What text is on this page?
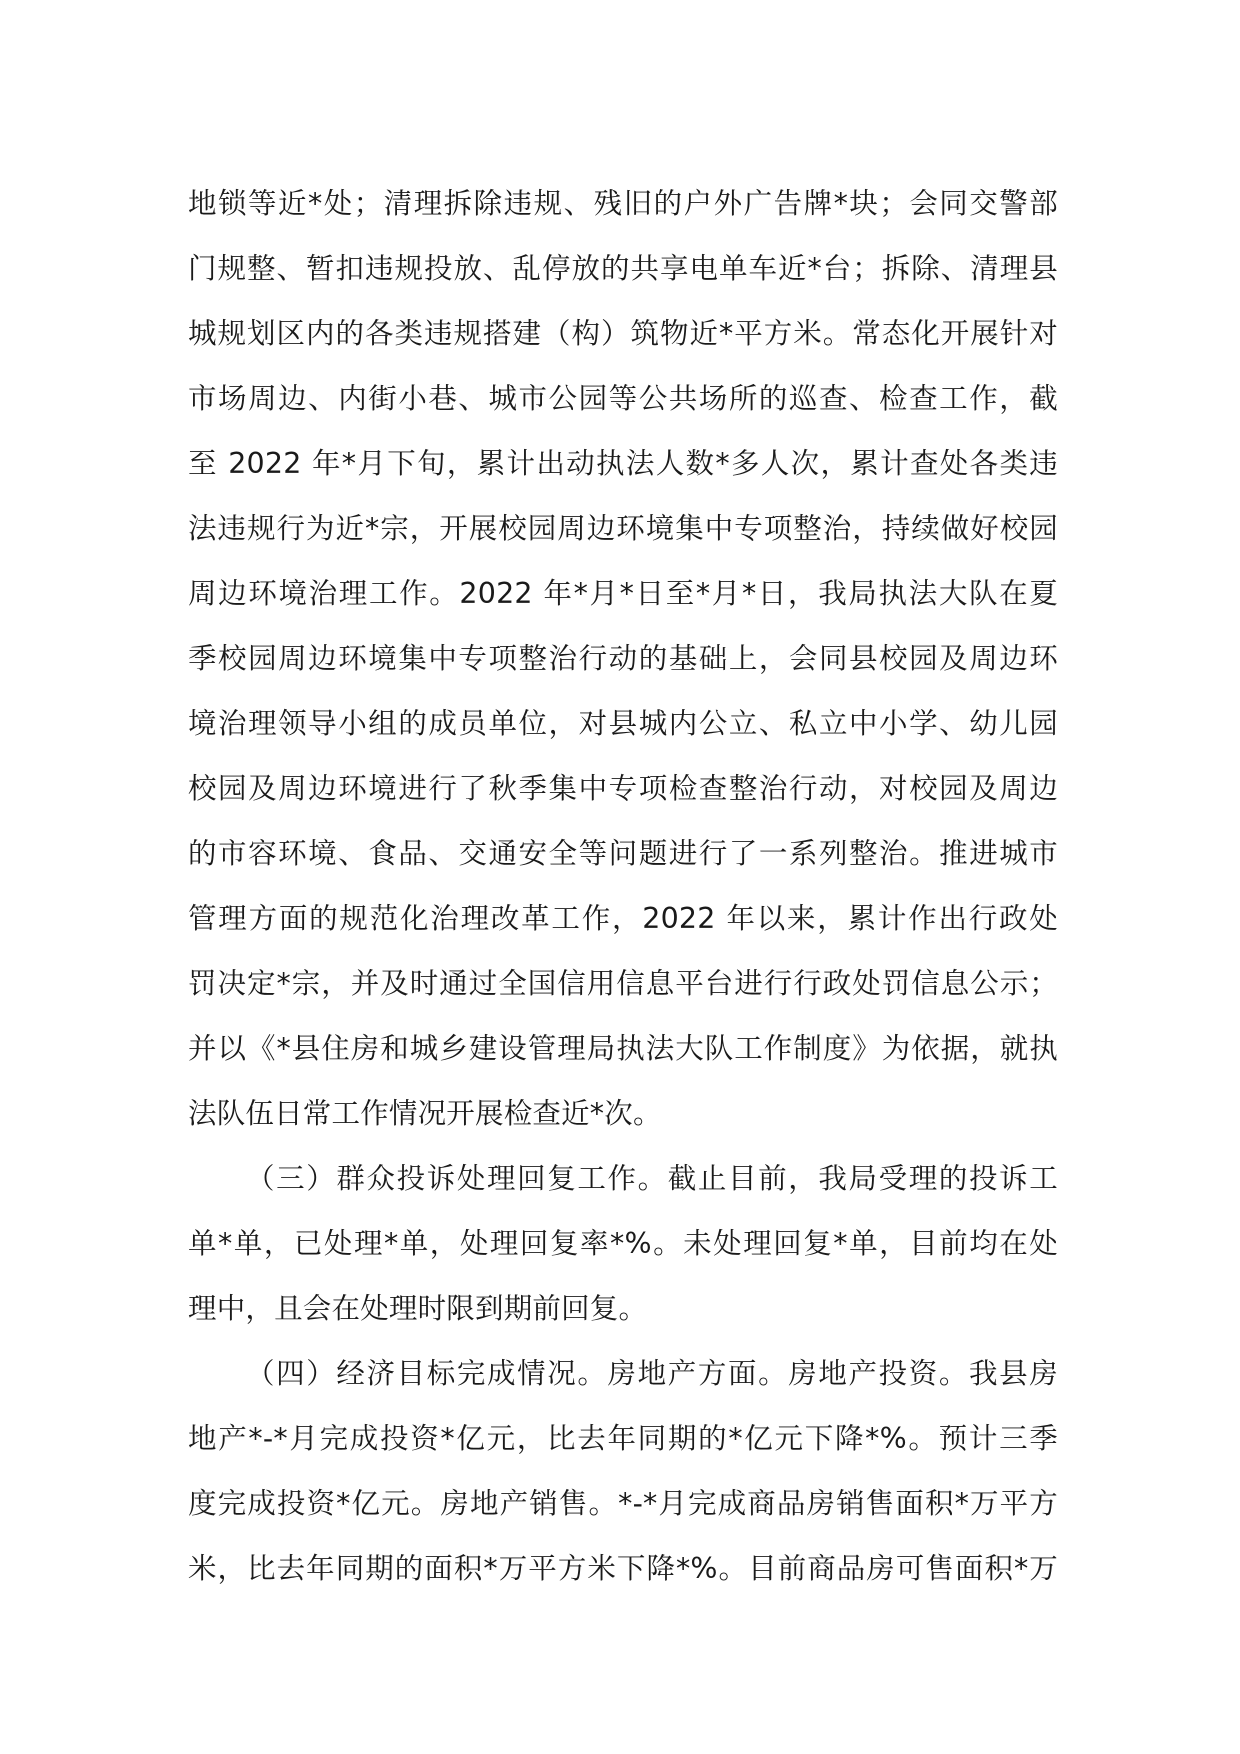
地锁等近*处；清理拆除违规、残旧的户外广告牌*块；会同交警部
门规整、暂扣违规投放、乱停放的共享电单车近*台；拆除、清理县
城规划区内的各类违规搭建（构）筑物近*平方米。常态化开展针对
市场周边、内街小巷、城市公园等公共场所的巡查、检查工作，截
至 2022 年*月下旬，累计出动执法人数*多人次，累计查处各类违
法违规行为近*宗，开展校园周边环境集中专项整治，持续做好校园
周边环境治理工作。2022 年*月*日至*月*日，我局执法大队在夏
季校园周边环境集中专项整治行动的基础上，会同县校园及周边环
境治理领导小组的成员单位，对县城内公立、私立中小学、幼儿园
校园及周边环境进行了秋季集中专项检查整治行动，对校园及周边
的市容环境、食品、交通安全等问题进行了一系列整治。推进城市
管理方面的规范化治理改革工作，2022 年以来，累计作出行政处
罚决定*宗，并及时通过全国信用信息平台进行行政处罚信息公示；
并以《*县住房和城乡建设管理局执法大队工作制度》为依据，就执
法队伍日常工作情况开展检查近*次。
（三）群众投诉处理回复工作。截止目前，我局受理的投诉工
单*单，已处理*单，处理回复率*%。未处理回复*单，目前均在处
理中，且会在处理时限到期前回复。
（四）经济目标完成情况。房地产方面。房地产投资。我县房
地产*-*月完成投资*亿元，比去年同期的*亿元下降*%。预计三季
度完成投资*亿元。房地产销售。*-*月完成商品房销售面积*万平方
米，比去年同期的面积*万平方米下降*%。目前商品房可售面积*万
